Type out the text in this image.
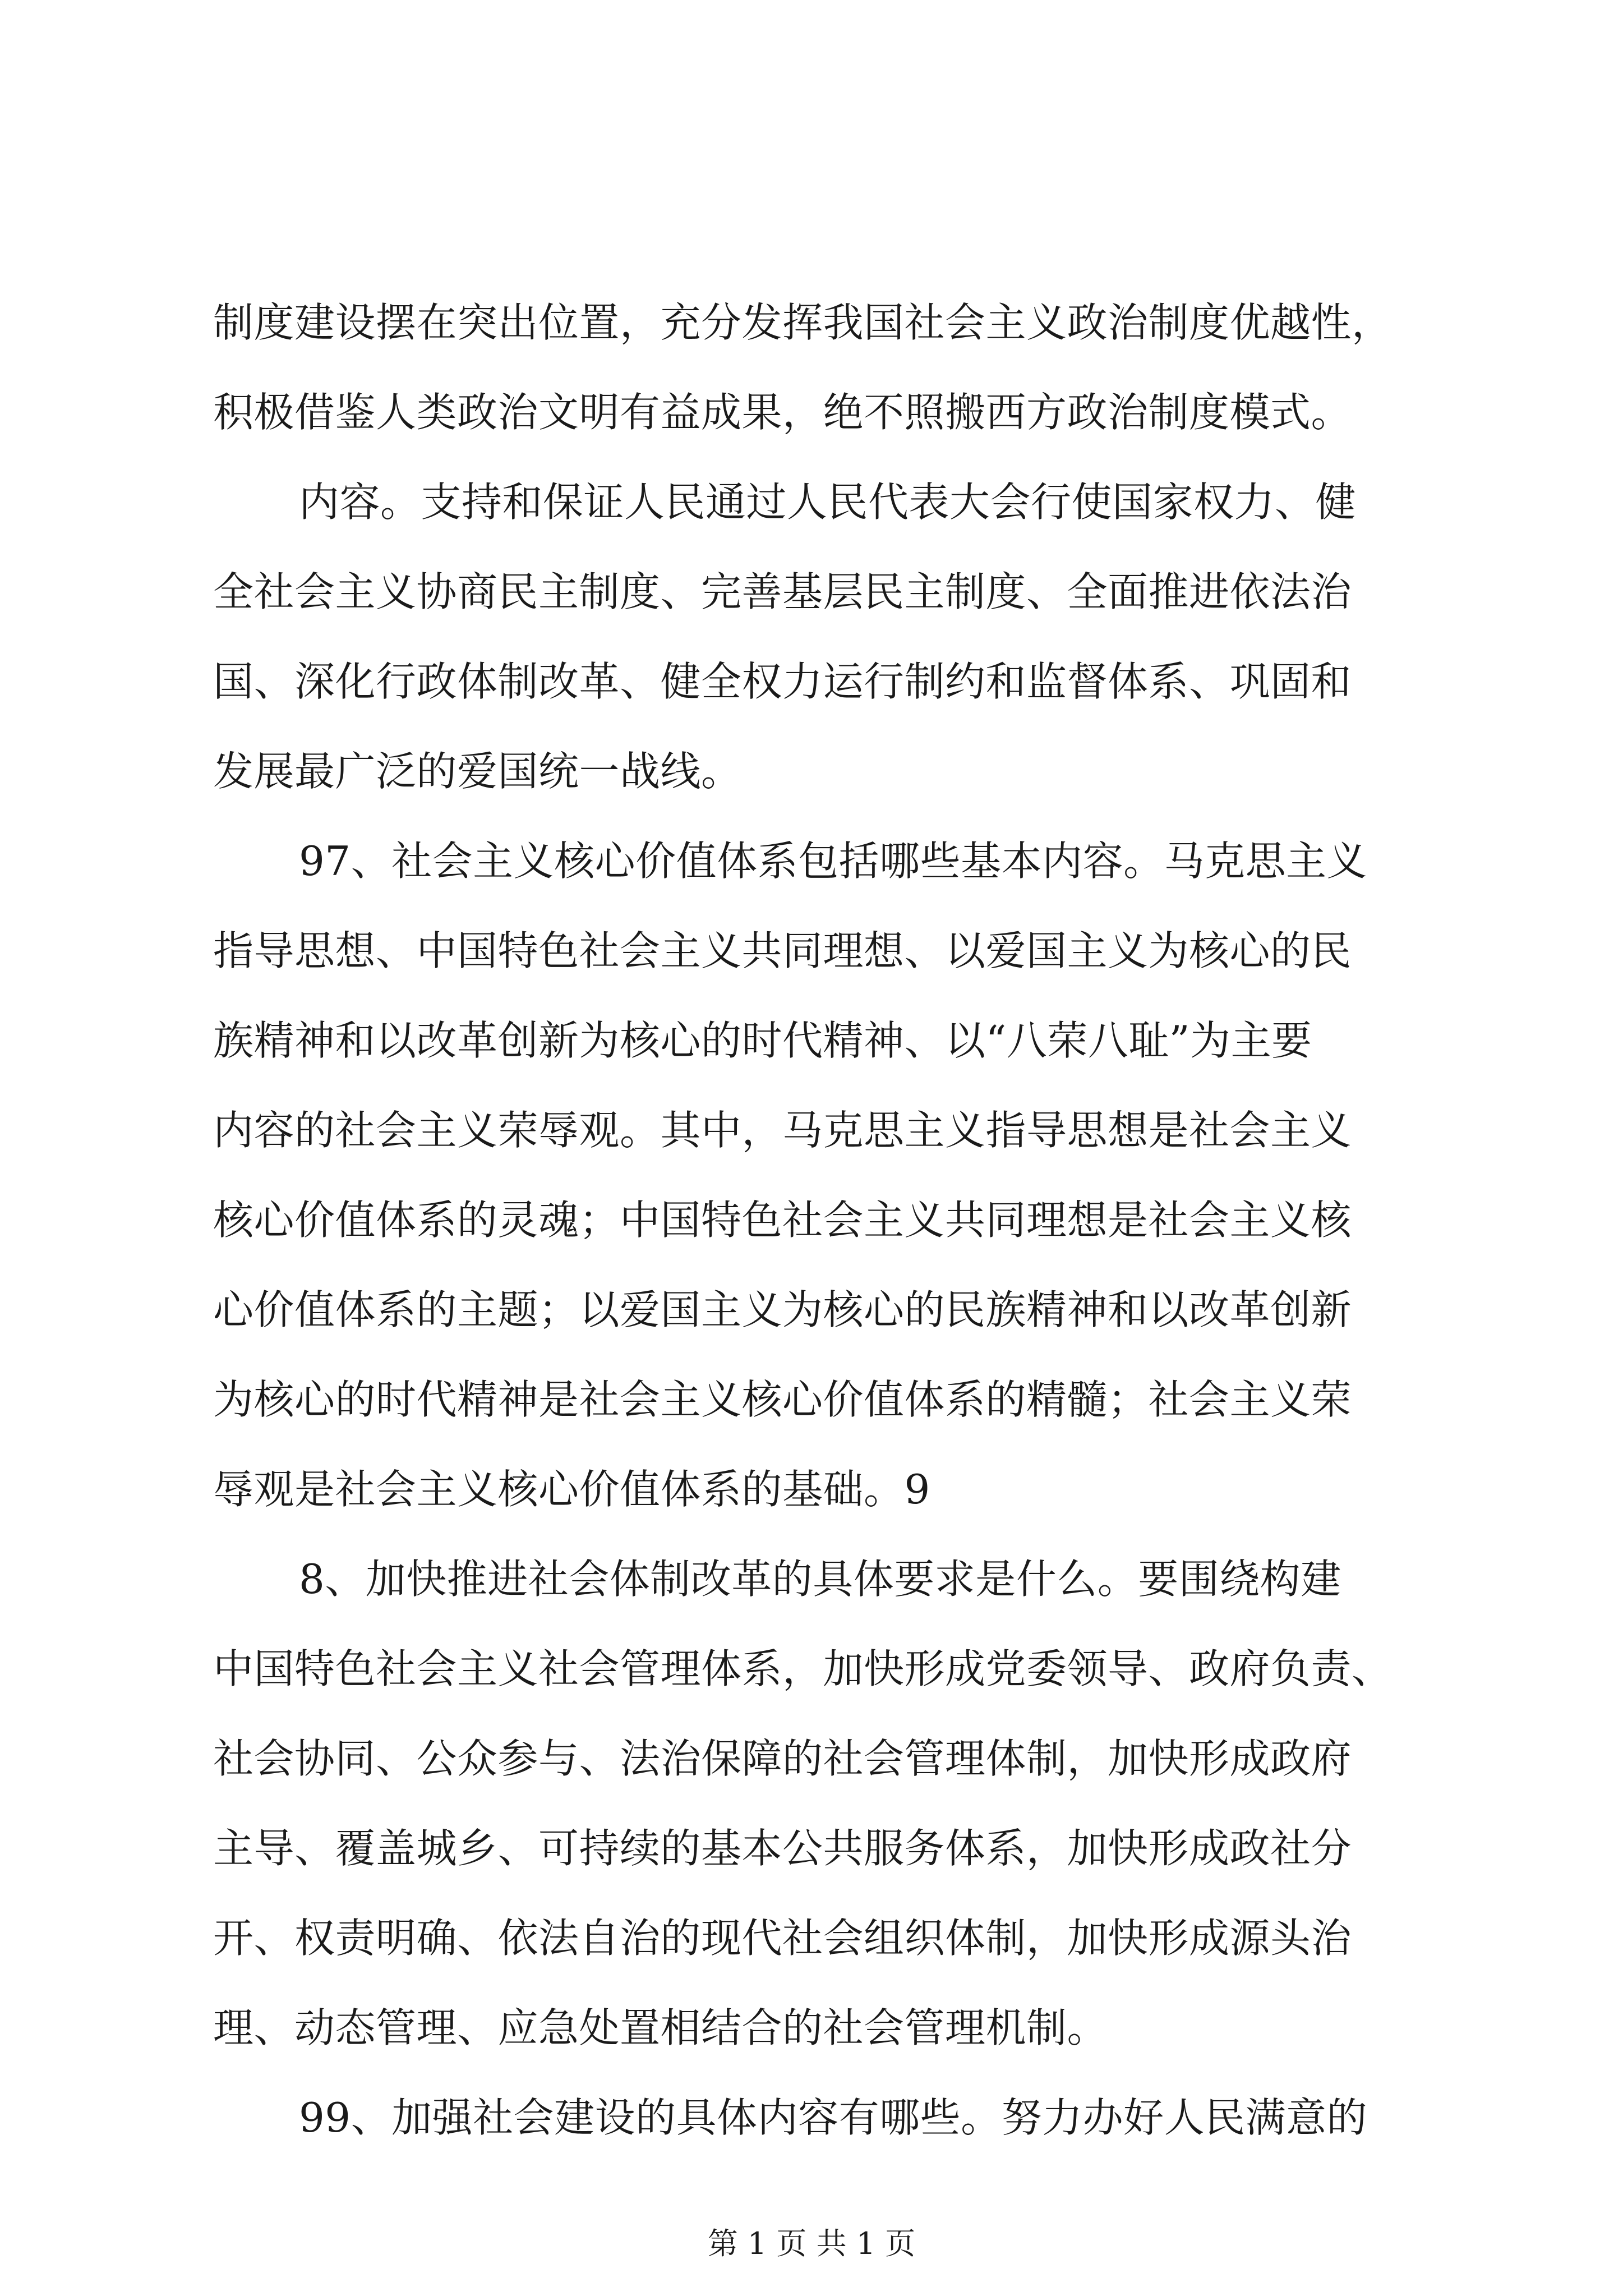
制度建设摆在突出位置，充分发挥我国社会主义政治制度优越性，
积极借鉴人类政治文明有益成果，绝不照搬西方政治制度模式。
内容。支持和保证人民通过人民代表大会行使国家权力、健
全社会主义协商民主制度、完善基层民主制度、全面推进依法治
国、深化行政体制改革、健全权力运行制约和监督体系、巩固和
发展最广泛的爱国统一战线。
97、社会主义核心价值体系包括哪些基本内容。马克思主义
指导思想、中国特色社会主义共同理想、以爱国主义为核心的民
族精神和以改革创新为核心的时代精神、以“八荣八耻”为主要
内容的社会主义荣辱观。其中，马克思主义指导思想是社会主义
核心价值体系的灵魂；中国特色社会主义共同理想是社会主义核
心价值体系的主题；以爱国主义为核心的民族精神和以改革创新
为核心的时代精神是社会主义核心价值体系的精髓；社会主义荣
辱观是社会主义核心价值体系的基础。9
8、加快推进社会体制改革的具体要求是什么。要围绕构建
中国特色社会主义社会管理体系，加快形成党委领导、政府负责、
社会协同、公众参与、法治保障的社会管理体制，加快形成政府
主导、覆盖城乡、可持续的基本公共服务体系，加快形成政社分
开、权责明确、依法自治的现代社会组织体制，加快形成源头治
理、动态管理、应急处置相结合的社会管理机制。
99、加强社会建设的具体内容有哪些。努力办好人民满意的
第 1 页 共 1 页
